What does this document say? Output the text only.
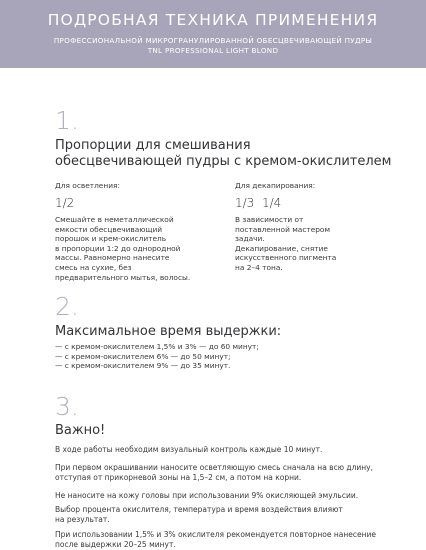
ПОДРОБНАЯ ТЕХНИКА ПРИМЕНЕНИЯ
ПРОФЕССИОНАЛЬНОЙ МИКРОГРАНУЛИРОВАННОЙ ОБЕСЦВЕЧИВАЮЩЕЙ ПУДРЫ
TNL PROFESSIONAL LIGHT BLOND
1.
Пропорции для смешивания
обесцвечивающей пудры с кремом-окислителем
Для осветления:
1/2
Смешайте в неметаллической
емкости обесцвечивающий
порошок и крем-окислитель
в пропорции 1:2 до однородной
массы. Равномерно нанесите
смесь на сухие, без
предварительного мытья, волосы.
Для декапирования:
1/3 1/4
В зависимости от
поставленной мастером
задачи.
Декапирование, снятие
искусственного пигмента
на 2–4 тона.
2.
Максимальное время выдержки:
— с кремом-окислителем 1,5% и 3% — до 60 минут;
— с кремом-окислителем 6% — до 50 минут;
— с кремом-окислителем 9% — до 35 минут.
3.
Важно!
В ходе работы необходим визуальный контроль каждые 10 минут.
При первом окрашивании наносите осветляющую смесь сначала на всю длину,
отступая от прикорневой зоны на 1,5–2 см, а потом на корни.
Не наносите на кожу головы при использовании 9% окисляющей эмульсии.
Выбор процента окислителя, температура и время воздействия влияют
на результат.
При использовании 1,5% и 3% окислителя рекомендуется повторное нанесение
после выдержки 20–25 минут.
